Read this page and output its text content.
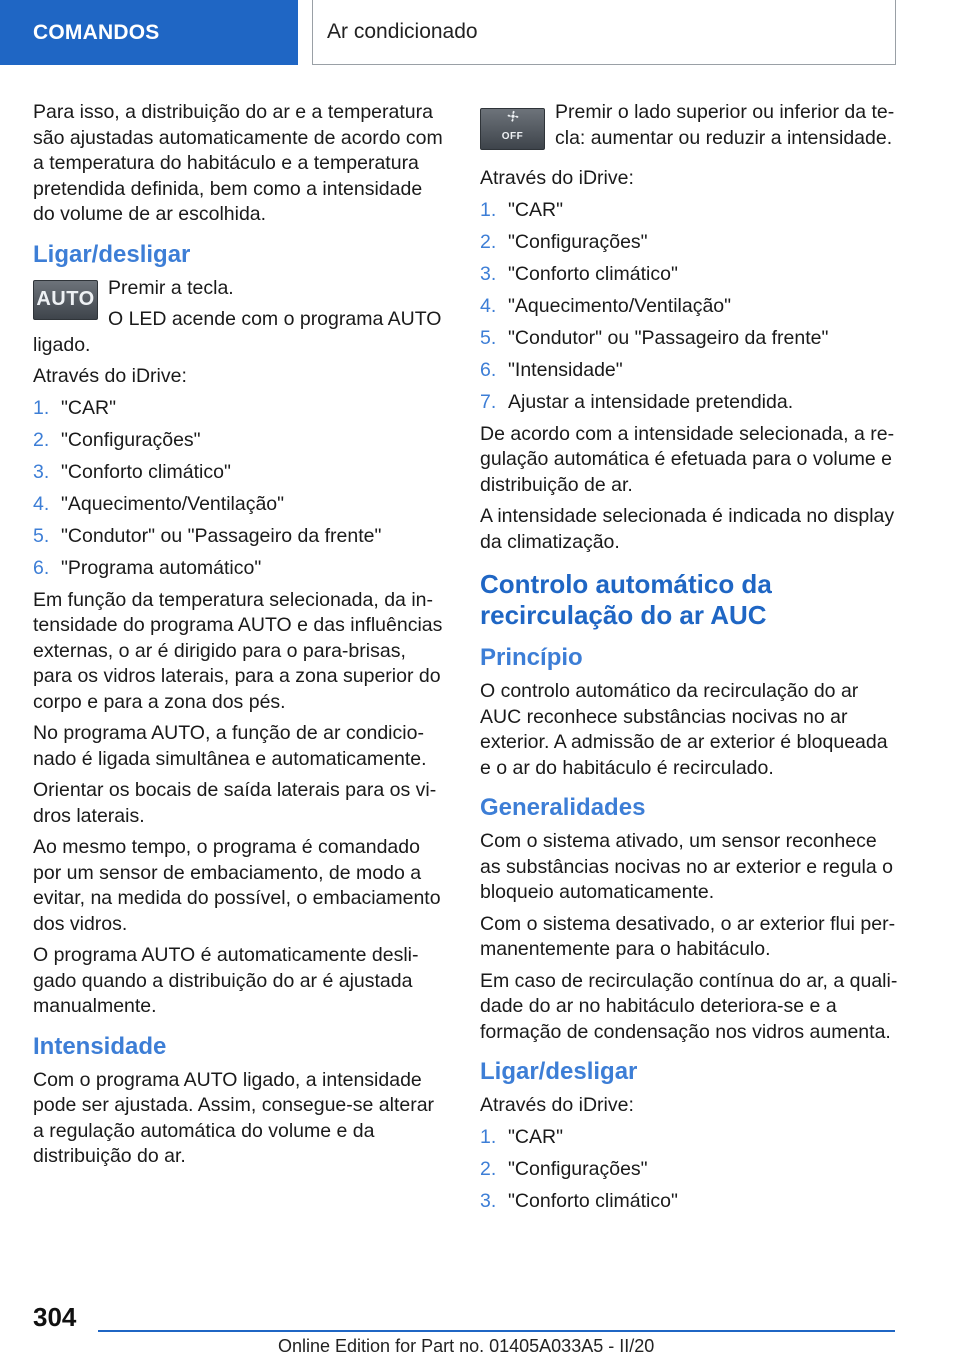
COMANDOS	Ar condicionado

Para isso, a distribuição do ar e a temperatura são ajustadas automaticamente de acordo com a temperatura do habitáculo e a temperatura pretendida definida, bem como a intensidade do volume de ar escolhida.

Ligar/desligar
AUTO

Premir a tecla.

O LED acende com o programa AUTO ligado.

Através do iDrive:

1. "CAR"
2. "Configurações"
3. "Conforto climático"
4. "Aquecimento/Ventilação"
5. "Condutor" ou "Passageiro da frente"
6. "Programa automático"

Em função da temperatura selecionada, da intensidade do programa AUTO e das influências externas, o ar é dirigido para o para-brisas, para os vidros laterais, para a zona superior do corpo e para a zona dos pés.

No programa AUTO, a função de ar condicionado é ligada simultânea e automaticamente.

Orientar os bocais de saída laterais para os vidros laterais.

Ao mesmo tempo, o programa é comandado por um sensor de embaciamento, de modo a evitar, na medida do possível, o embaciamento dos vidros.

O programa AUTO é automaticamente desligado quando a distribuição do ar é ajustada manualmente.

Intensidade

Com o programa AUTO ligado, a intensidade pode ser ajustada. Assim, consegue-se alterar a regulação automática do volume e da distribuição do ar.

OFF

Premir o lado superior ou inferior da tecla: aumentar ou reduzir a intensidade.

Através do iDrive:

1. "CAR"
2. "Configurações"
3. "Conforto climático"
4. "Aquecimento/Ventilação"
5. "Condutor" ou "Passageiro da frente"
6. "Intensidade"
7. Ajustar a intensidade pretendida.

De acordo com a intensidade selecionada, a regulação automática é efetuada para o volume e distribuição de ar.

A intensidade selecionada é indicada no display da climatização.

Controlo automático da recirculação do ar AUC
Princípio

O controlo automático da recirculação do ar AUC reconhece substâncias nocivas no ar exterior. A admissão de ar exterior é bloqueada e o ar do habitáculo é recirculado.

Generalidades

Com o sistema ativado, um sensor reconhece as substâncias nocivas no ar exterior e regula o bloqueio automaticamente.

Com o sistema desativado, o ar exterior flui permanentemente para o habitáculo.

Em caso de recirculação contínua do ar, a qualidade do ar no habitáculo deteriora-se e a formação de condensação nos vidros aumenta.

Ligar/desligar

Através do iDrive:

1. "CAR"
2. "Configurações"
3. "Conforto climático"
304
Online Edition for Part no. 01405A033A5 - II/20
